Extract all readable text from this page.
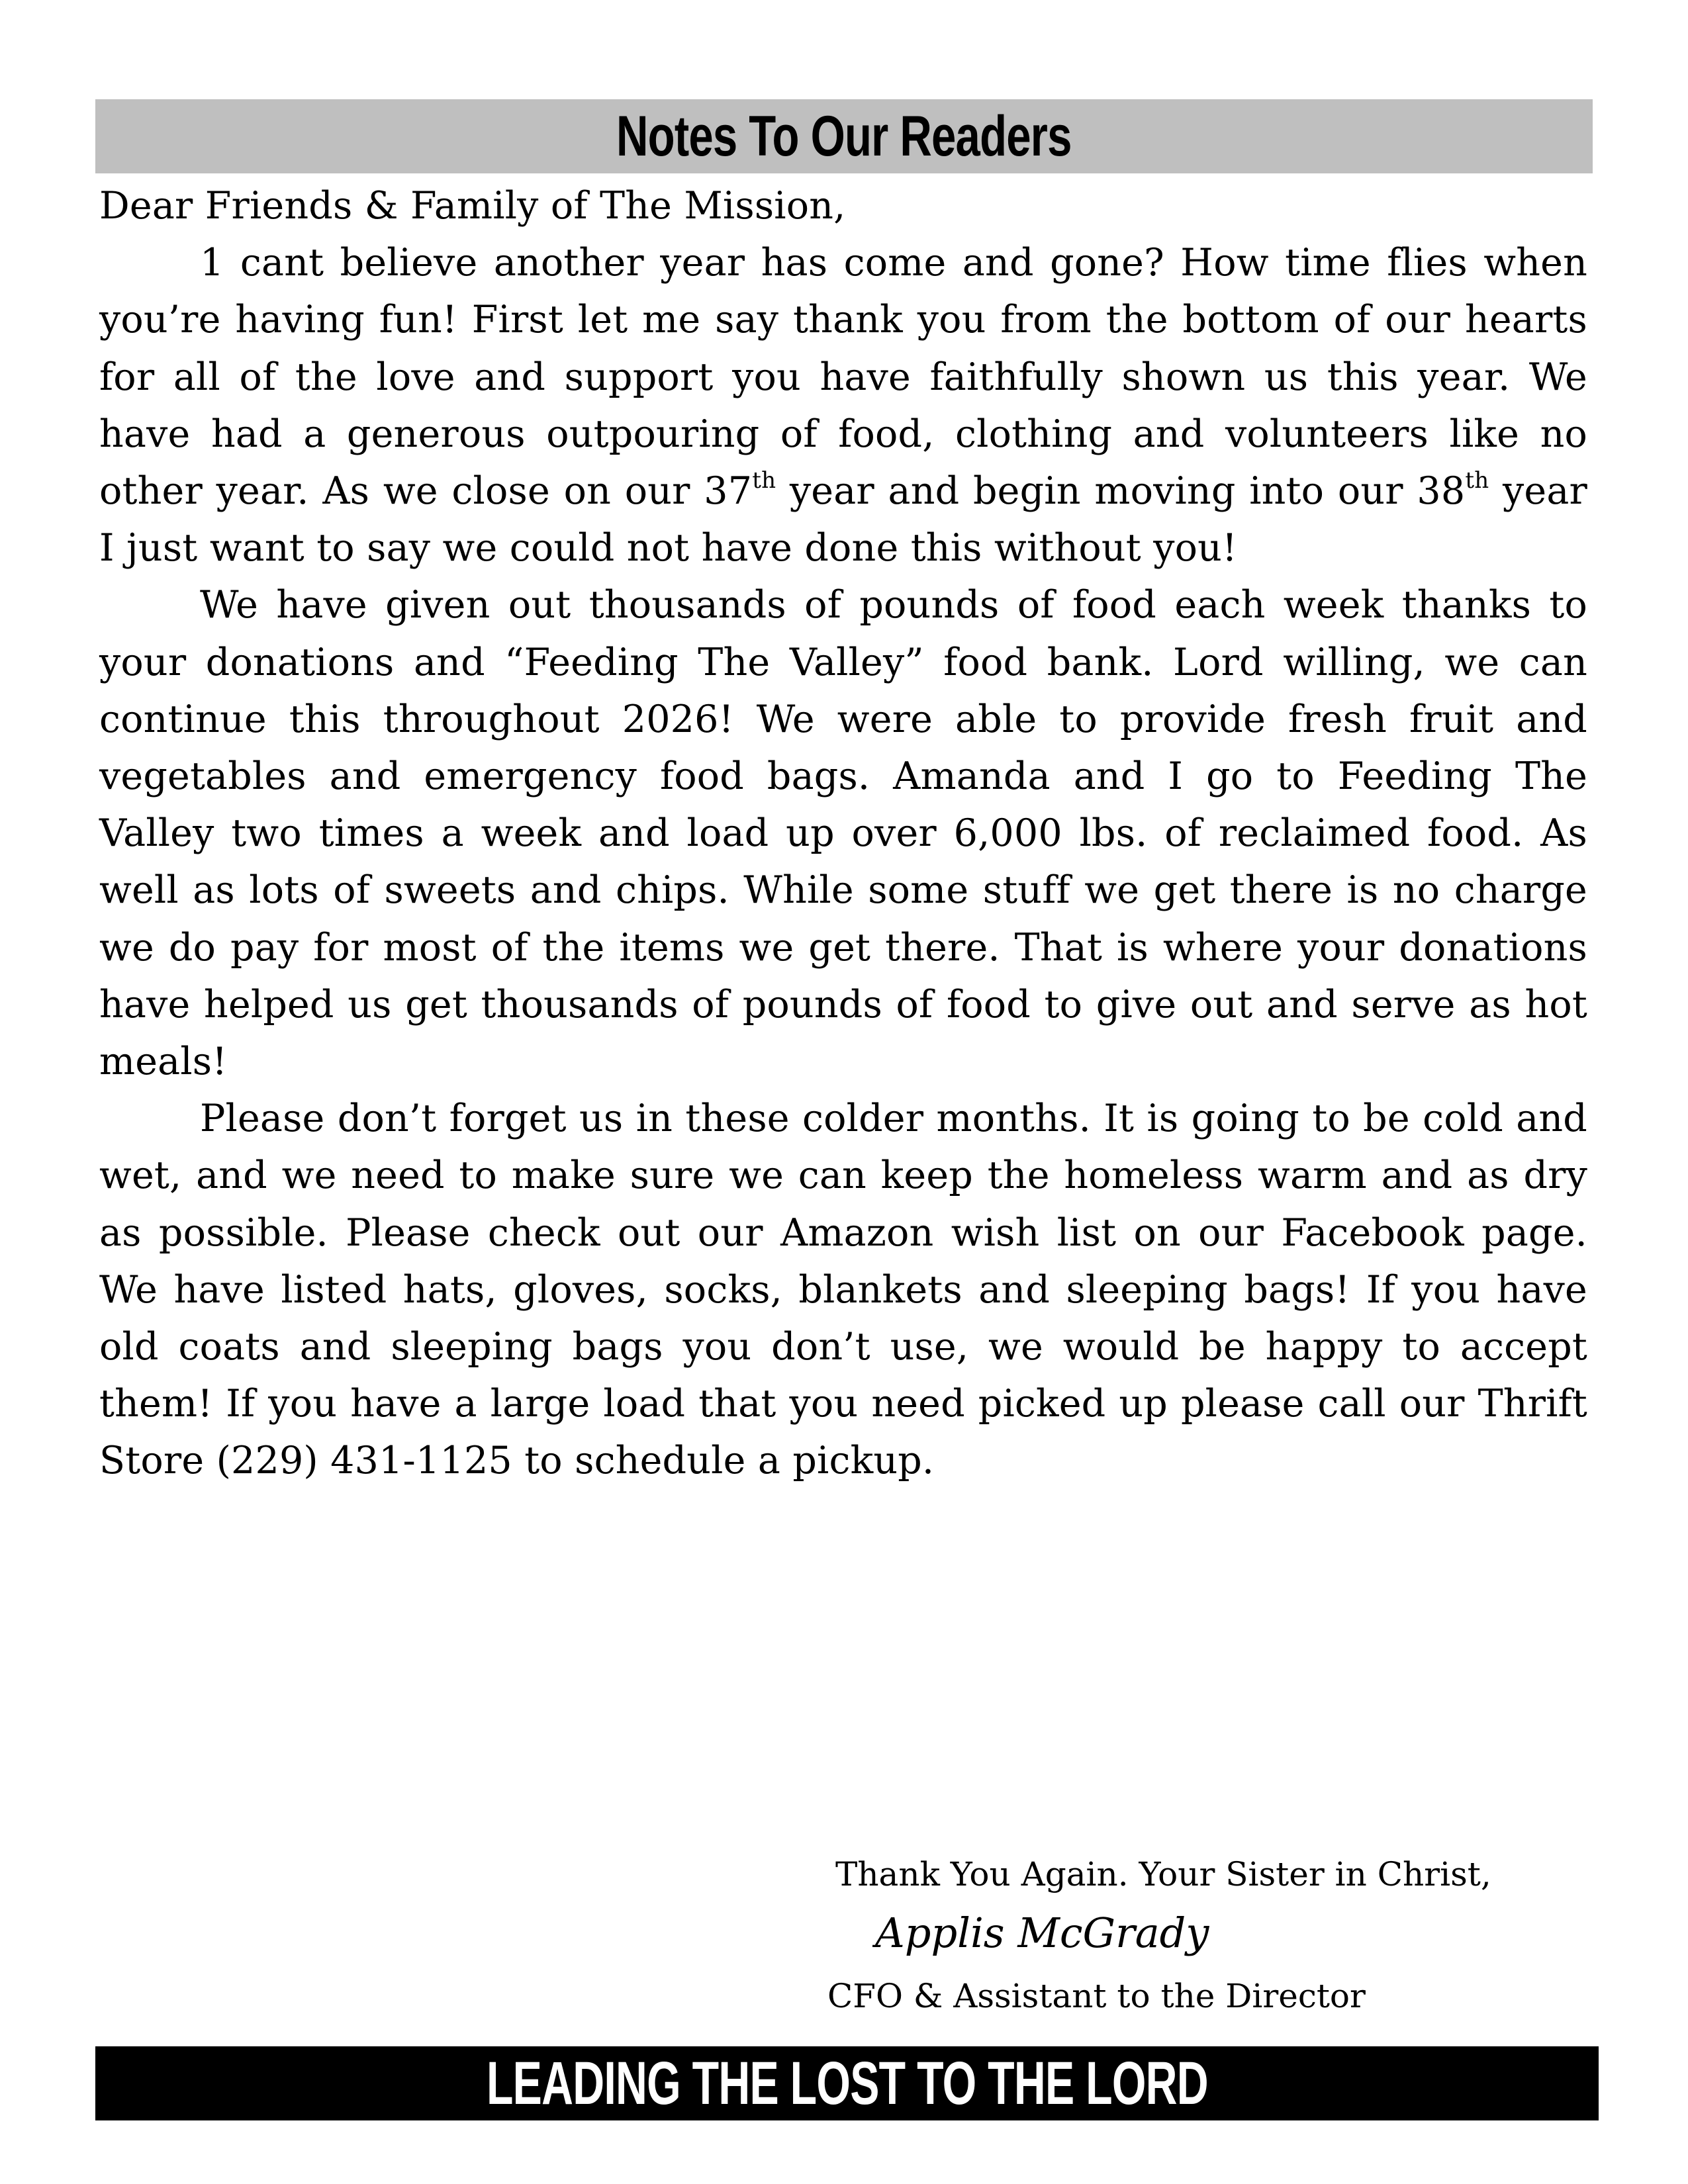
Notes To Our Readers

Dear Friends & Family of The Mission,

1 cant believe another year has come and gone? How time flies when you’re having fun! First let me say thank you from the bottom of our hearts for all of the love and support you have faithfully shown us this year. We have had a generous outpouring of food, clothing and volunteers like no other year. As we close on our 37th year and begin moving into our 38th year I just want to say we could not have done this without you!

We have given out thousands of pounds of food each week thanks to your donations and “Feeding The Valley” food bank. Lord willing, we can continue this throughout 2026! We were able to provide fresh fruit and vegetables and emergency food bags. Amanda and I go to Feeding The Valley two times a week and load up over 6,000 lbs. of reclaimed food. As well as lots of sweets and chips. While some stuff we get there is no charge we do pay for most of the items we get there. That is where your donations have helped us get thousands of pounds of food to give out and serve as hot meals!

Please don’t forget us in these colder months. It is going to be cold and wet, and we need to make sure we can keep the homeless warm and as dry as possible. Please check out our Amazon wish list on our Facebook page. We have listed hats, gloves, socks, blankets and sleeping bags! If you have old coats and sleeping bags you don’t use, we would be happy to accept them! If you have a large load that you need picked up please call our Thrift Store (229) 431-1125 to schedule a pickup.

Thank You Again. Your Sister in Christ,
Applis McGrady
CFO & Assistant to the Director
LEADING THE LOST TO THE LORD
